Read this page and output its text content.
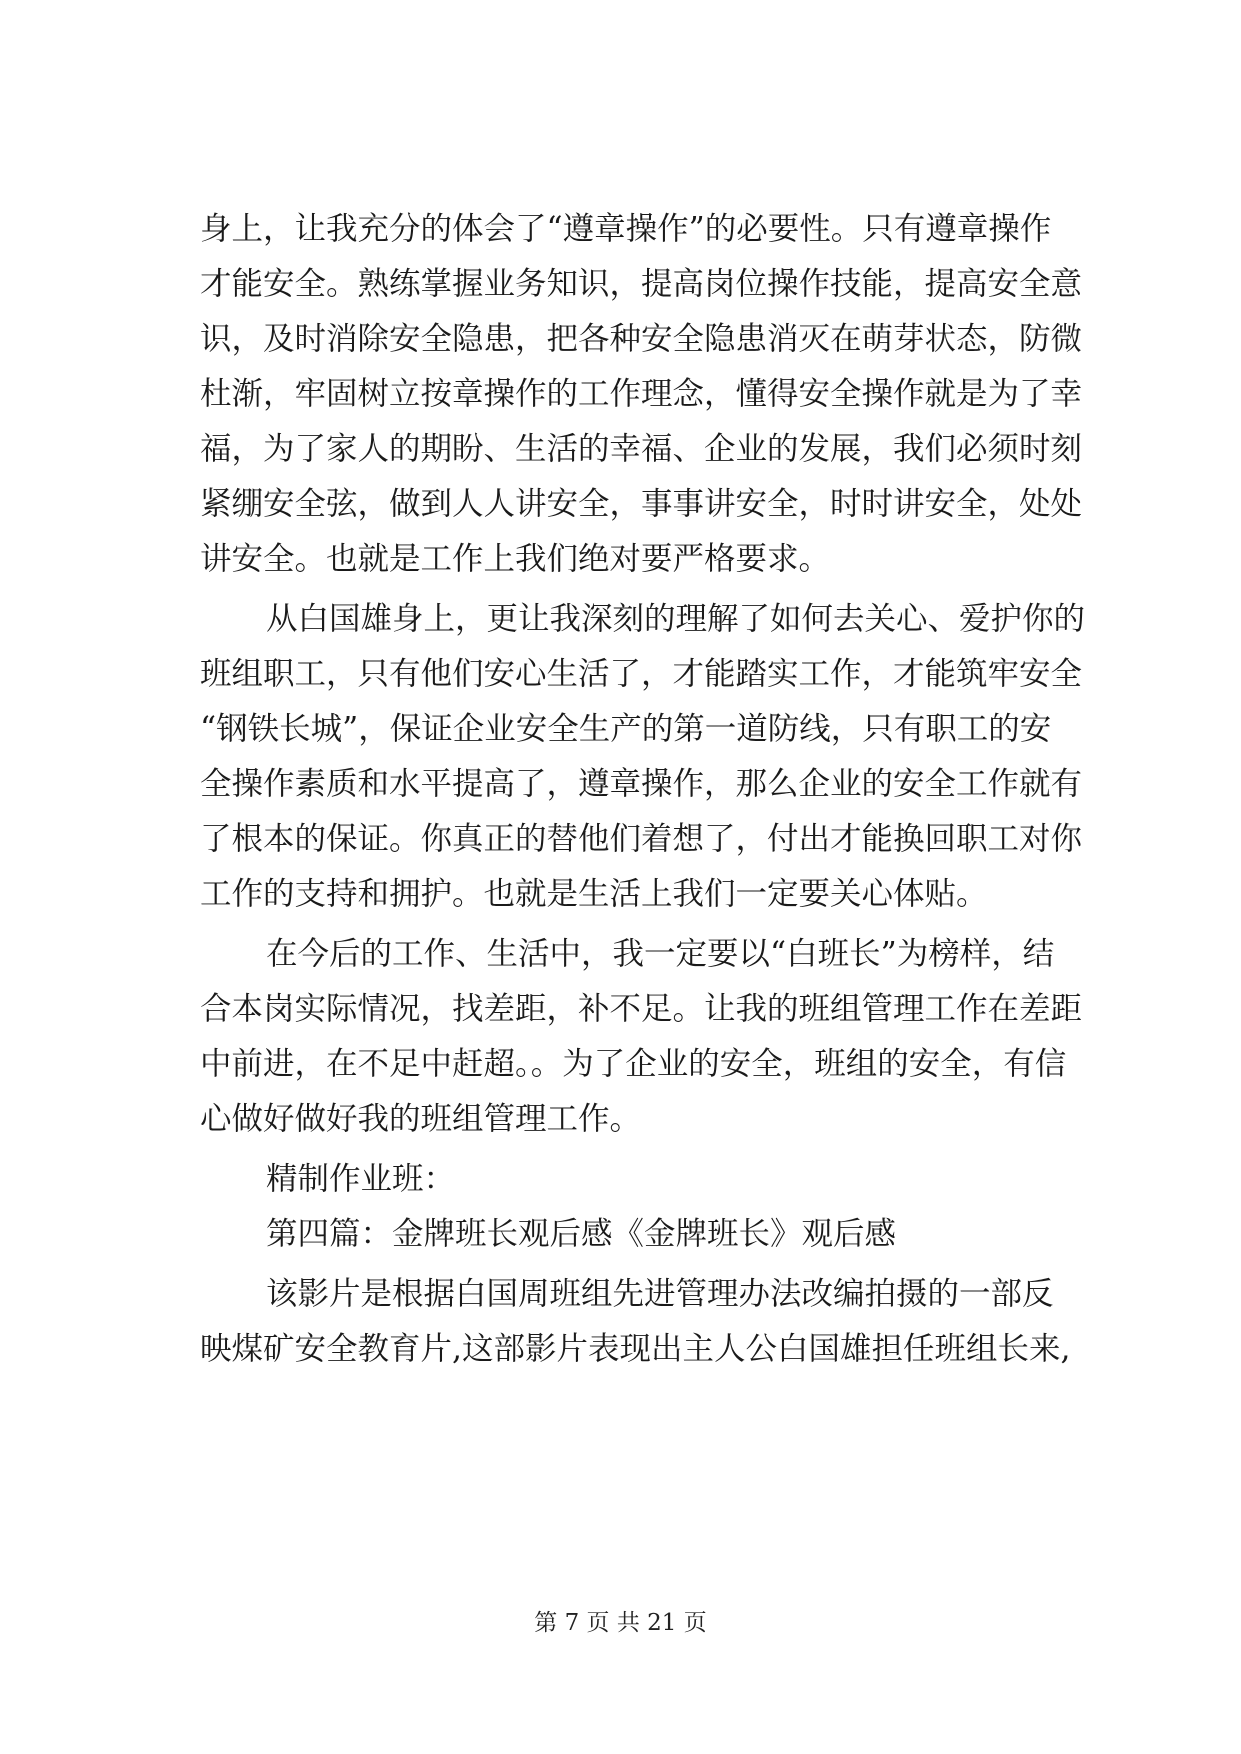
身上，让我充分的体会了“遵章操作”的必要性。只有遵章操作
才能安全。熟练掌握业务知识，提高岗位操作技能，提高安全意
识，及时消除安全隐患，把各种安全隐患消灭在萌芽状态，防微
杜渐，牢固树立按章操作的工作理念，懂得安全操作就是为了幸
福，为了家人的期盼、生活的幸福、企业的发展，我们必须时刻
紧绷安全弦，做到人人讲安全，事事讲安全，时时讲安全，处处
讲安全。也就是工作上我们绝对要严格要求。
从白国雄身上，更让我深刻的理解了如何去关心、爱护你的
班组职工，只有他们安心生活了，才能踏实工作，才能筑牢安全
“钢铁长城”，保证企业安全生产的第一道防线，只有职工的安
全操作素质和水平提高了，遵章操作，那么企业的安全工作就有
了根本的保证。你真正的替他们着想了，付出才能换回职工对你
工作的支持和拥护。也就是生活上我们一定要关心体贴。
在今后的工作、生活中，我一定要以“白班长”为榜样，结
合本岗实际情况，找差距，补不足。让我的班组管理工作在差距
中前进，在不足中赶超。。为了企业的安全，班组的安全，有信
心做好做好我的班组管理工作。
精制作业班：
第四篇：金牌班长观后感《金牌班长》观后感
该影片是根据白国周班组先进管理办法改编拍摄的一部反
映煤矿安全教育片,这部影片表现出主人公白国雄担任班组长来,
第 7 页 共 21 页
